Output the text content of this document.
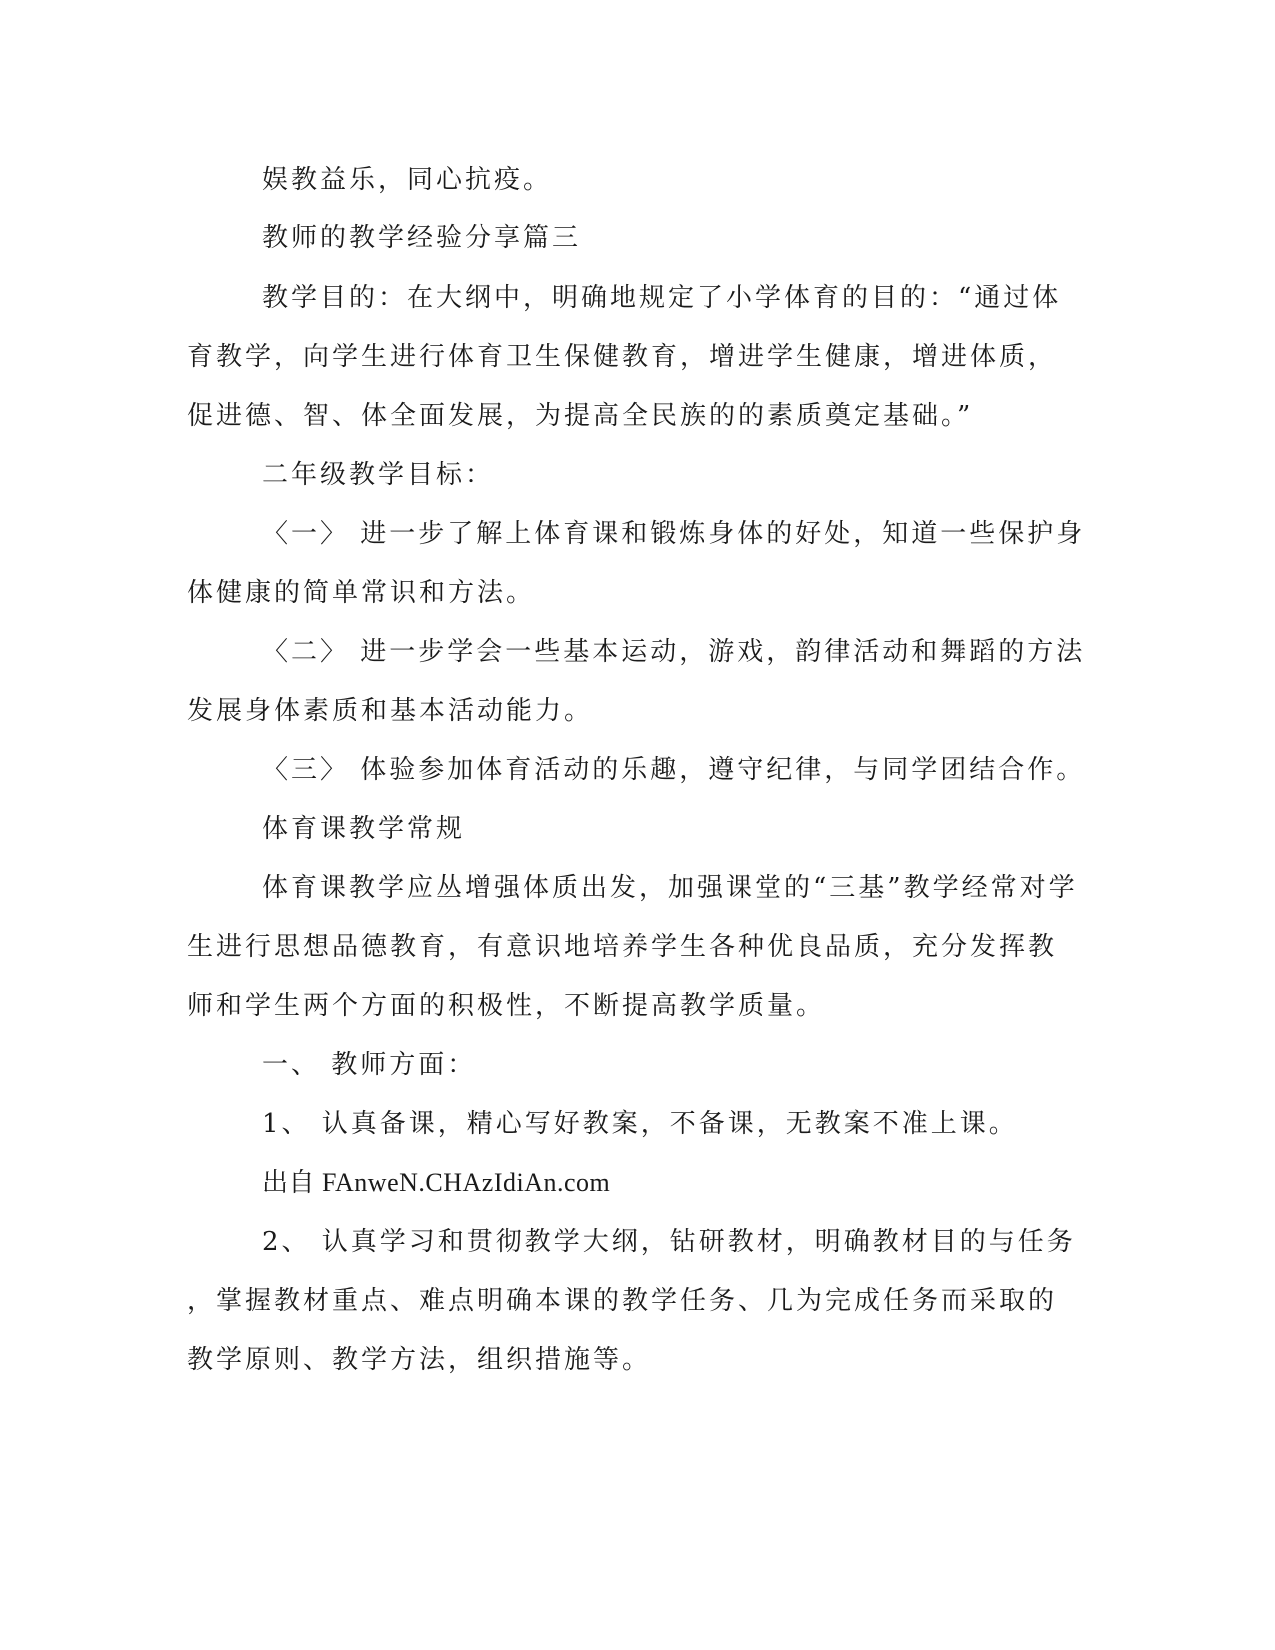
娱教益乐，同心抗疫。
教师的教学经验分享篇三
教学目的：在大纲中，明确地规定了小学体育的目的：“通过体
育教学，向学生进行体育卫生保健教育，增进学生健康，增进体质，
促进德、智、体全面发展，为提高全民族的的素质奠定基础。”
二年级教学目标：
〈一〉 进一步了解上体育课和锻炼身体的好处，知道一些保护身
体健康的简单常识和方法。
〈二〉 进一步学会一些基本运动，游戏，韵律活动和舞蹈的方法
发展身体素质和基本活动能力。
〈三〉 体验参加体育活动的乐趣，遵守纪律，与同学团结合作。
体育课教学常规
体育课教学应丛增强体质出发，加强课堂的“三基”教学经常对学
生进行思想品德教育，有意识地培养学生各种优良品质，充分发挥教
师和学生两个方面的积极性，不断提高教学质量。
一、 教师方面：
1、 认真备课，精心写好教案，不备课，无教案不准上课。
出自 FAnweN.CHAzIdiAn.com
2、 认真学习和贯彻教学大纲，钻研教材，明确教材目的与任务
，掌握教材重点、难点明确本课的教学任务、几为完成任务而采取的
教学原则、教学方法，组织措施等。
